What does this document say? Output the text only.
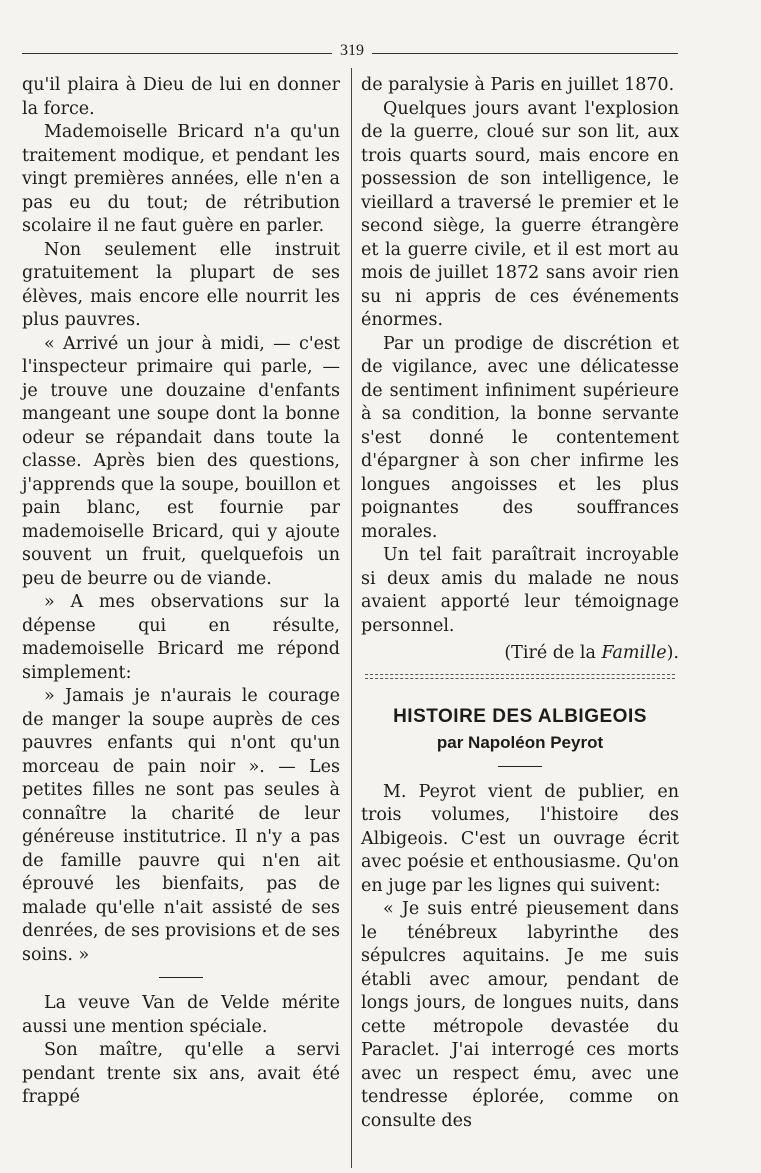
319

qu'il plaira à Dieu de lui en donner la force.

Mademoiselle Bricard n'a qu'un traitement modique, et pendant les vingt premières années, elle n'en a pas eu du tout; de rétribution scolaire il ne faut guère en parler.

Non seulement elle instruit gratuitement la plupart de ses élèves, mais encore elle nourrit les plus pauvres.

« Arrivé un jour à midi, — c'est l'inspecteur primaire qui parle, — je trouve une douzaine d'enfants mangeant une soupe dont la bonne odeur se répandait dans toute la classe. Après bien des questions, j'apprends que la soupe, bouillon et pain blanc, est fournie par mademoiselle Bricard, qui y ajoute souvent un fruit, quelquefois un peu de beurre ou de viande.

» A mes observations sur la dépense qui en résulte, mademoiselle Bricard me répond simplement:

» Jamais je n'aurais le courage de manger la soupe auprès de ces pauvres enfants qui n'ont qu'un morceau de pain noir ». — Les petites filles ne sont pas seules à connaître la charité de leur généreuse institutrice. Il n'y a pas de famille pauvre qui n'en ait éprouvé les bienfaits, pas de malade qu'elle n'ait assisté de ses denrées, de ses provisions et de ses soins. »

La veuve Van de Velde mérite aussi une mention spéciale.

Son maître, qu'elle a servi pendant trente six ans, avait été frappé

de paralysie à Paris en juillet 1870.

Quelques jours avant l'explosion de la guerre, cloué sur son lit, aux trois quarts sourd, mais encore en possession de son intelligence, le vieillard a traversé le premier et le second siège, la guerre étrangère et la guerre civile, et il est mort au mois de juillet 1872 sans avoir rien su ni appris de ces événements énormes.

Par un prodige de discrétion et de vigilance, avec une délicatesse de sentiment infiniment supérieure à sa condition, la bonne servante s'est donné le contentement d'épargner à son cher infirme les longues angoisses et les plus poignantes des souffrances morales.

Un tel fait paraîtrait incroyable si deux amis du malade ne nous avaient apporté leur témoignage personnel.

(Tiré de la Famille).

HISTOIRE DES ALBIGEOIS

par Napoléon Peyrot

M. Peyrot vient de publier, en trois volumes, l'histoire des Albigeois. C'est un ouvrage écrit avec poésie et enthousiasme. Qu'on en juge par les lignes qui suivent:

« Je suis entré pieusement dans le ténébreux labyrinthe des sépulcres aquitains. Je me suis établi avec amour, pendant de longs jours, de longues nuits, dans cette métropole devastée du Paraclet. J'ai interrogé ces morts avec un respect ému, avec une tendresse éplorée, comme on consulte des
